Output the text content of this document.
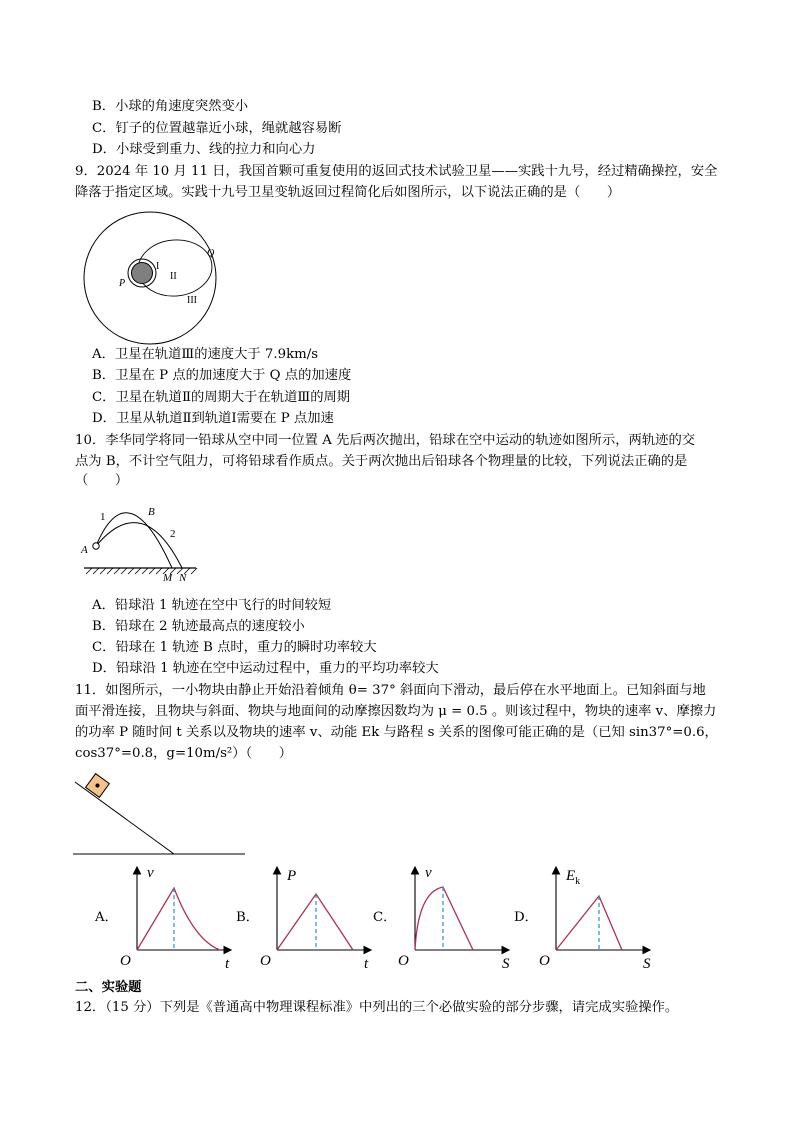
B．小球的角速度突然变小
C．钉子的位置越靠近小球，绳就越容易断
D．小球受到重力、线的拉力和向心力
9．2024 年 10 月 11 日，我国首颗可重复使用的返回式技术试验卫星——实践十九号，经过精确操控，安全
降落于指定区域。实践十九号卫星变轨返回过程简化后如图所示，以下说法正确的是（　　）
I
II
III
P
Q
A．卫星在轨道Ⅲ的速度大于 7.9km/s
B．卫星在 P 点的加速度大于 Q 点的加速度
C．卫星在轨道Ⅱ的周期大于在轨道Ⅲ的周期
D．卫星从轨道Ⅱ到轨道Ⅰ需要在 P 点加速
10．李华同学将同一铅球从空中同一位置 A 先后两次抛出，铅球在空中运动的轨迹如图所示，两轨迹的交
点为 B，不计空气阻力，可将铅球看作质点。关于两次抛出后铅球各个物理量的比较，下列说法正确的是
（　　）
A
1	B
2
M N
A．铅球沿 1 轨迹在空中飞行的时间较短
B．铅球在 2 轨迹最高点的速度较小
C．铅球在 1 轨迹 B 点时，重力的瞬时功率较大
D．铅球沿 1 轨迹在空中运动过程中，重力的平均功率较大
11．如图所示，一小物块由静止开始沿着倾角 θ= 37° 斜面向下滑动，最后停在水平地面上。已知斜面与地
面平滑连接，且物块与斜面、物块与地面间的动摩擦因数均为 μ = 0.5 。则该过程中，物块的速率 v、摩擦力
的功率 P 随时间 t 关系以及物块的速率 v、动能 Ek 与路程 s 关系的图像可能正确的是（已知 sin37°=0.6，
cos37°=0.8，g=10m/s²）（　　）
A．	B．	C．	D．
v
t
O
P
t
O
v
S
O
$E_k$
S
O
二、实验题
12．（15 分）下列是《普通高中物理课程标准》中列出的三个必做实验的部分步骤，请完成实验操作。
